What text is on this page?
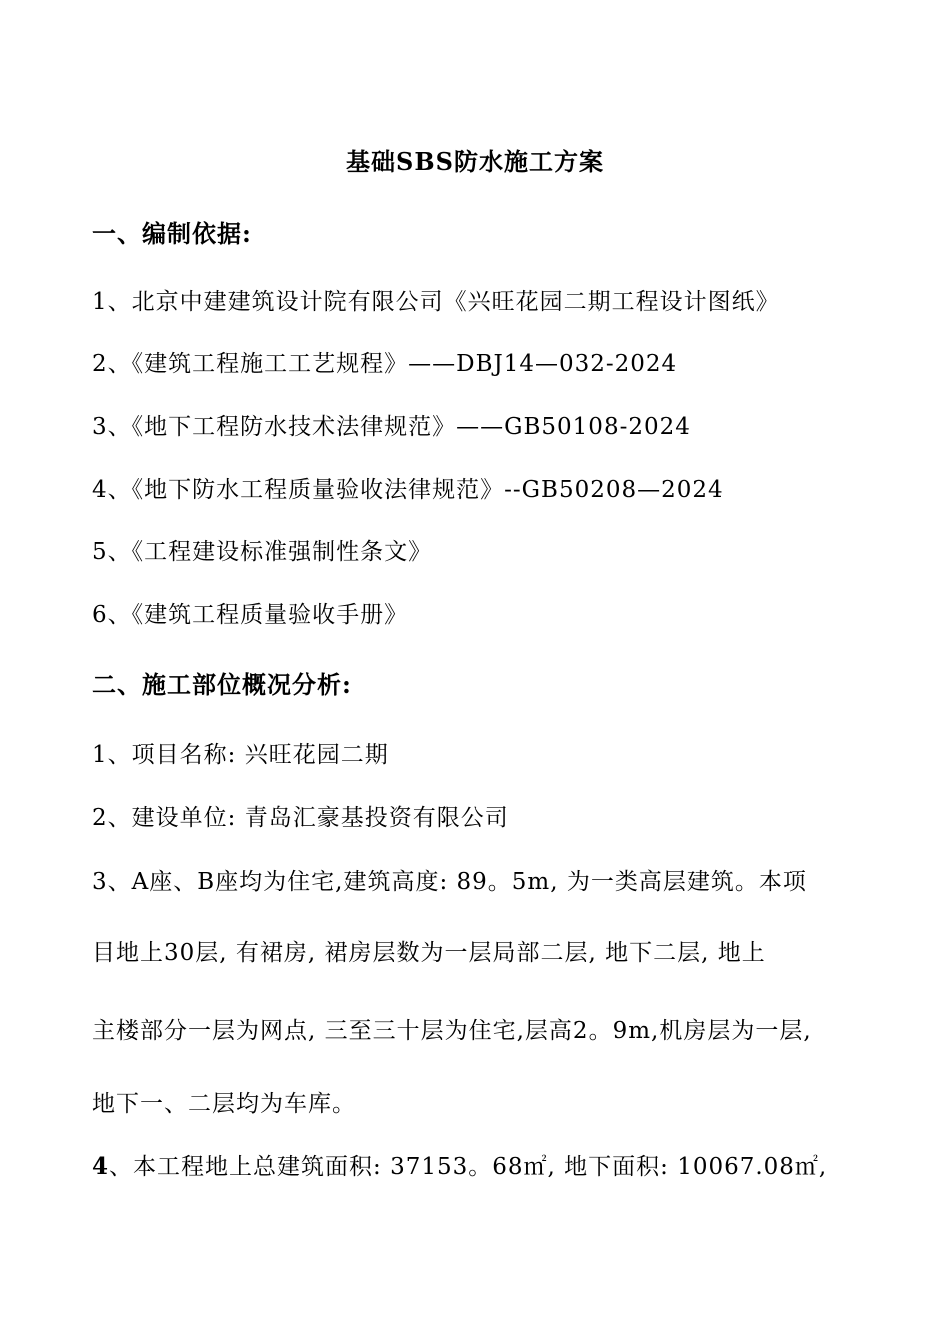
基础SBS防水施工方案
一、编制依据:
1、北京中建建筑设计院有限公司《兴旺花园二期工程设计图纸》
2、《建筑工程施工工艺规程》——DBJ14—032-2024
3、《地下工程防水技术法律规范》——GB50108-2024
4、《地下防水工程质量验收法律规范》--GB50208—2024
5、《工程建设标准强制性条文》
6、《建筑工程质量验收手册》
二、施工部位概况分析:
1、项目名称: 兴旺花园二期
2、建设单位: 青岛汇豪基投资有限公司
3、A座、B座均为住宅,建筑高度: 89。5m, 为一类高层建筑。本项
目地上30层, 有裙房, 裙房层数为一层局部二层, 地下二层, 地上
主楼部分一层为网点, 三至三十层为住宅,层高2。9m,机房层为一层,
地下一、二层均为车库。
4、本工程地上总建筑面积: 37153。68㎡, 地下面积: 10067.08㎡,
